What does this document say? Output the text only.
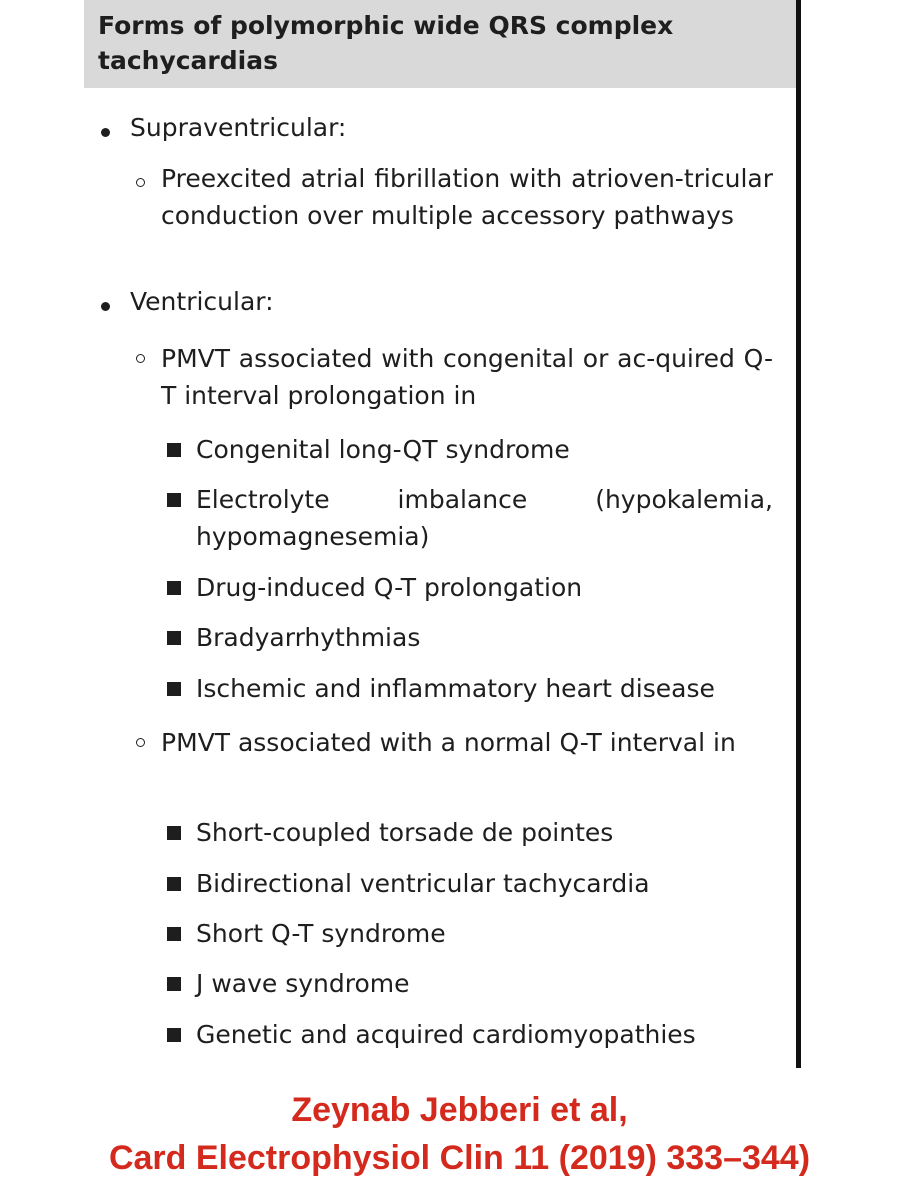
Forms of polymorphic wide QRS complex tachycardias

Supraventricular:

Preexcited atrial fibrillation with atrioven-tricular conduction over multiple accessory pathways

Ventricular:

PMVT associated with congenital or ac-quired Q-T interval prolongation in

Congenital long-QT syndrome

Electrolyte imbalance (hypokalemia, hypomagnesemia)

Drug-induced Q-T prolongation

Bradyarrhythmias

Ischemic and inflammatory heart disease

PMVT associated with a normal Q-T interval in

Short-coupled torsade de pointes

Bidirectional ventricular tachycardia

Short Q-T syndrome

J wave syndrome

Genetic and acquired cardiomyopathies

Zeynab Jebberi et al,

Card Electrophysiol Clin 11 (2019) 333–344)
